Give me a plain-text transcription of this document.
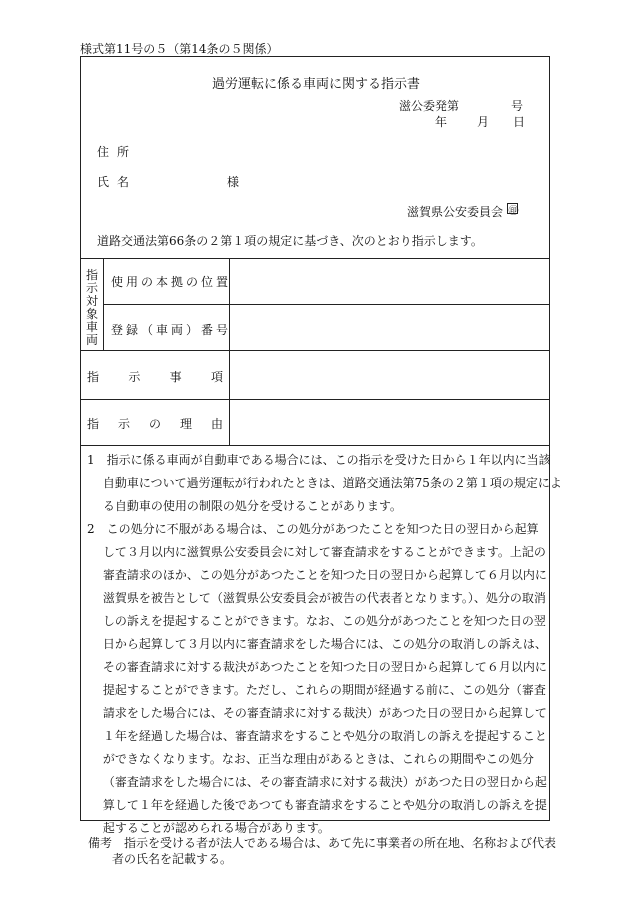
様式第11号の５（第14条の５関係）
過労運転に係る車両に関する指示書
滋公委発第	号
年 月 日
住所
氏名	様
滋賀県公安委員会 ㊞
道路交通法第66条の２第１項の規定に基づき、次のとおり指示します。
指
示
対
象
車
両
使用の本拠の位置
登録（車両）番号
指 示 事 項
指 示 の 理 由
1　指示に係る車両が自動車である場合には、この指示を受けた日から１年以内に当該
　 自動車について過労運転が行われたときは、道路交通法第75条の２第１項の規定によ
　 る自動車の使用の制限の処分を受けることがあります。
2　この処分に不服がある場合は、この処分があつたことを知つた日の翌日から起算
　 して３月以内に滋賀県公安委員会に対して審査請求をすることができます。上記の
　 審査請求のほか、この処分があつたことを知つた日の翌日から起算して６月以内に
　 滋賀県を被告として（滋賀県公安委員会が被告の代表者となります。）、処分の取消
　 しの訴えを提起することができます。なお、この処分があつたことを知つた日の翌
　 日から起算して３月以内に審査請求をした場合には、この処分の取消しの訴えは、
　 その審査請求に対する裁決があつたことを知つた日の翌日から起算して６月以内に
　 提起することができます。ただし、これらの期間が経過する前に、この処分（審査
　 請求をした場合には、その審査請求に対する裁決）があつた日の翌日から起算して
　 １年を経過した場合は、審査請求をすることや処分の取消しの訴えを提起すること
　 ができなくなります。なお、正当な理由があるときは、これらの期間やこの処分
　 （審査請求をした場合には、その審査請求に対する裁決）があつた日の翌日から起
　 算して１年を経過した後であつても審査請求をすることや処分の取消しの訴えを提
　 起することが認められる場合があります。
備考　指示を受ける者が法人である場合は、あて先に事業者の所在地、名称および代表
者の氏名を記載する。
